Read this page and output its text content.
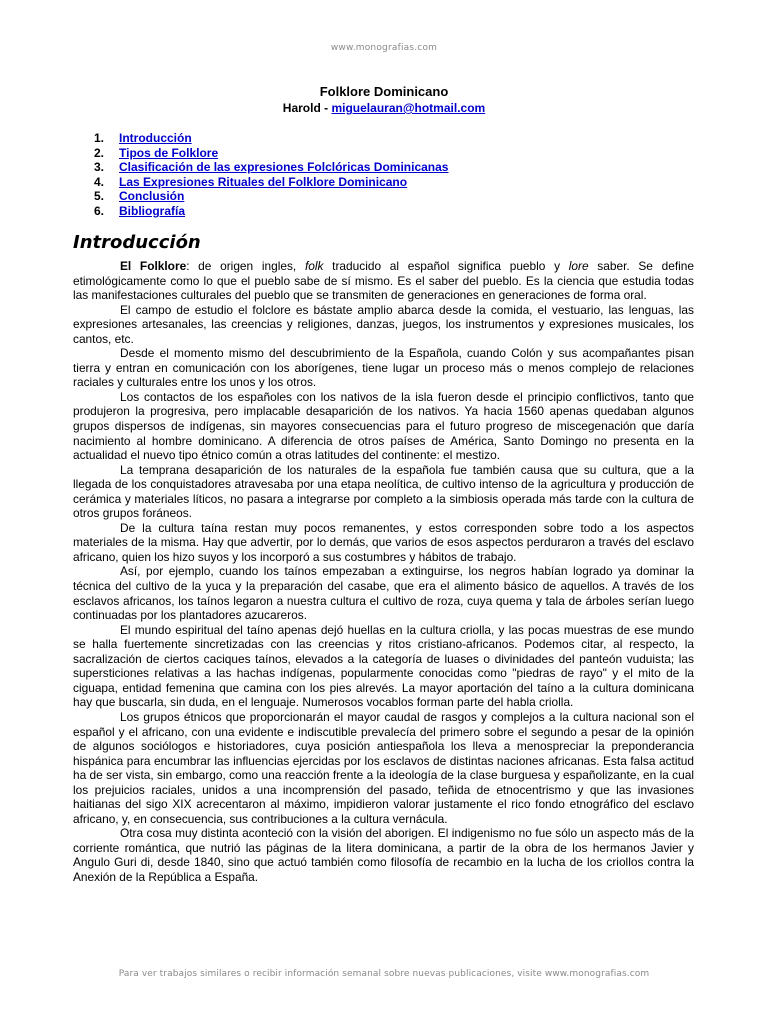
www.monografias.com
Folklore Dominicano
Harold - miguelauran@hotmail.com
1. Introducción
2. Tipos de Folklore
3. Clasificación de las expresiones Folclóricas Dominicanas
4. Las Expresiones Rituales del Folklore Dominicano
5. Conclusión
6. Bibliografía
Introducción

El Folklore: de origen ingles, folk traducido al español significa pueblo y lore saber. Se define etimológicamente como lo que el pueblo sabe de sí mismo. Es el saber del pueblo. Es la ciencia que estudia todas las manifestaciones culturales del pueblo que se transmiten de generaciones en generaciones de forma oral.

El campo de estudio el folclore es bástate amplio abarca desde la comida, el vestuario, las lenguas, las expresiones artesanales, las creencias y religiones, danzas, juegos, los instrumentos y expresiones musicales, los cantos, etc.

Desde el momento mismo del descubrimiento de la Española, cuando Colón y sus acompañantes pisan tierra y entran en comunicación con los aborígenes, tiene lugar un proceso más o menos complejo de relaciones raciales y culturales entre los unos y los otros.

Los contactos de los españoles con los nativos de la isla fueron desde el principio conflictivos, tanto que produjeron la progresiva, pero implacable desaparición de los nativos. Ya hacia 1560 apenas quedaban algunos grupos dispersos de indígenas, sin mayores consecuencias para el futuro progreso de miscegenación que daría nacimiento al hombre dominicano. A diferencia de otros países de América, Santo Domingo no presenta en la actualidad el nuevo tipo étnico común a otras latitudes del continente: el mestizo.

La temprana desaparición de los naturales de la española fue también causa que su cultura, que a la llegada de los conquistadores atravesaba por una etapa neolítica, de cultivo intenso de la agricultura y producción de cerámica y materiales líticos, no pasara a integrarse por completo a la simbiosis operada más tarde con la cultura de otros grupos foráneos.

De la cultura taína restan muy pocos remanentes, y estos corresponden sobre todo a los aspectos materiales de la misma. Hay que advertir, por lo demás, que varios de esos aspectos perduraron a través del esclavo africano, quien los hizo suyos y los incorporó a sus costumbres y hábitos de trabajo.

Así, por ejemplo, cuando los taínos empezaban a extinguirse, los negros habían logrado ya dominar la técnica del cultivo de la yuca y la preparación del casabe, que era el alimento básico de aquellos. A través de los esclavos africanos, los taínos legaron a nuestra cultura el cultivo de roza, cuya quema y tala de árboles serían luego continuadas por los plantadores azucareros.

El mundo espiritual del taíno apenas dejó huellas en la cultura criolla, y las pocas muestras de ese mundo se halla fuertemente sincretizadas con las creencias y ritos cristiano-africanos. Podemos citar, al respecto, la sacralización de ciertos caciques taínos, elevados a la categoría de luases o divinidades del panteón vuduista; las supersticiones relativas a las hachas indígenas, popularmente conocidas como "piedras de rayo" y el mito de la ciguapa, entidad femenina que camina con los pies alrevés. La mayor aportación del taíno a la cultura dominicana hay que buscarla, sin duda, en el lenguaje. Numerosos vocablos forman parte del habla criolla.

Los grupos étnicos que proporcionarán el mayor caudal de rasgos y complejos a la cultura nacional son el español y el africano, con una evidente e indiscutible prevalecía del primero sobre el segundo a pesar de la opinión de algunos sociólogos e historiadores, cuya posición antiespañola los lleva a menospreciar la preponderancia hispánica para encumbrar las influencias ejercidas por los esclavos de distintas naciones africanas. Esta falsa actitud ha de ser vista, sin embargo, como una reacción frente a la ideología de la clase burguesa y españolizante, en la cual los prejuicios raciales, unidos a una incomprensión del pasado, teñida de etnocentrismo y que las invasiones haitianas del sigo XIX acrecentaron al máximo, impidieron valorar justamente el rico fondo etnográfico del esclavo africano, y, en consecuencia, sus contribuciones a la cultura vernácula.

Otra cosa muy distinta aconteció con la visión del aborigen. El indigenismo no fue sólo un aspecto más de la corriente romántica, que nutrió las páginas de la litera dominicana, a partir de la obra de los hermanos Javier y Angulo Guri di, desde 1840, sino que actuó también como filosofía de recambio en la lucha de los criollos contra la Anexión de la República a España.

Para ver trabajos similares o recibir información semanal sobre nuevas publicaciones, visite www.monografias.com
